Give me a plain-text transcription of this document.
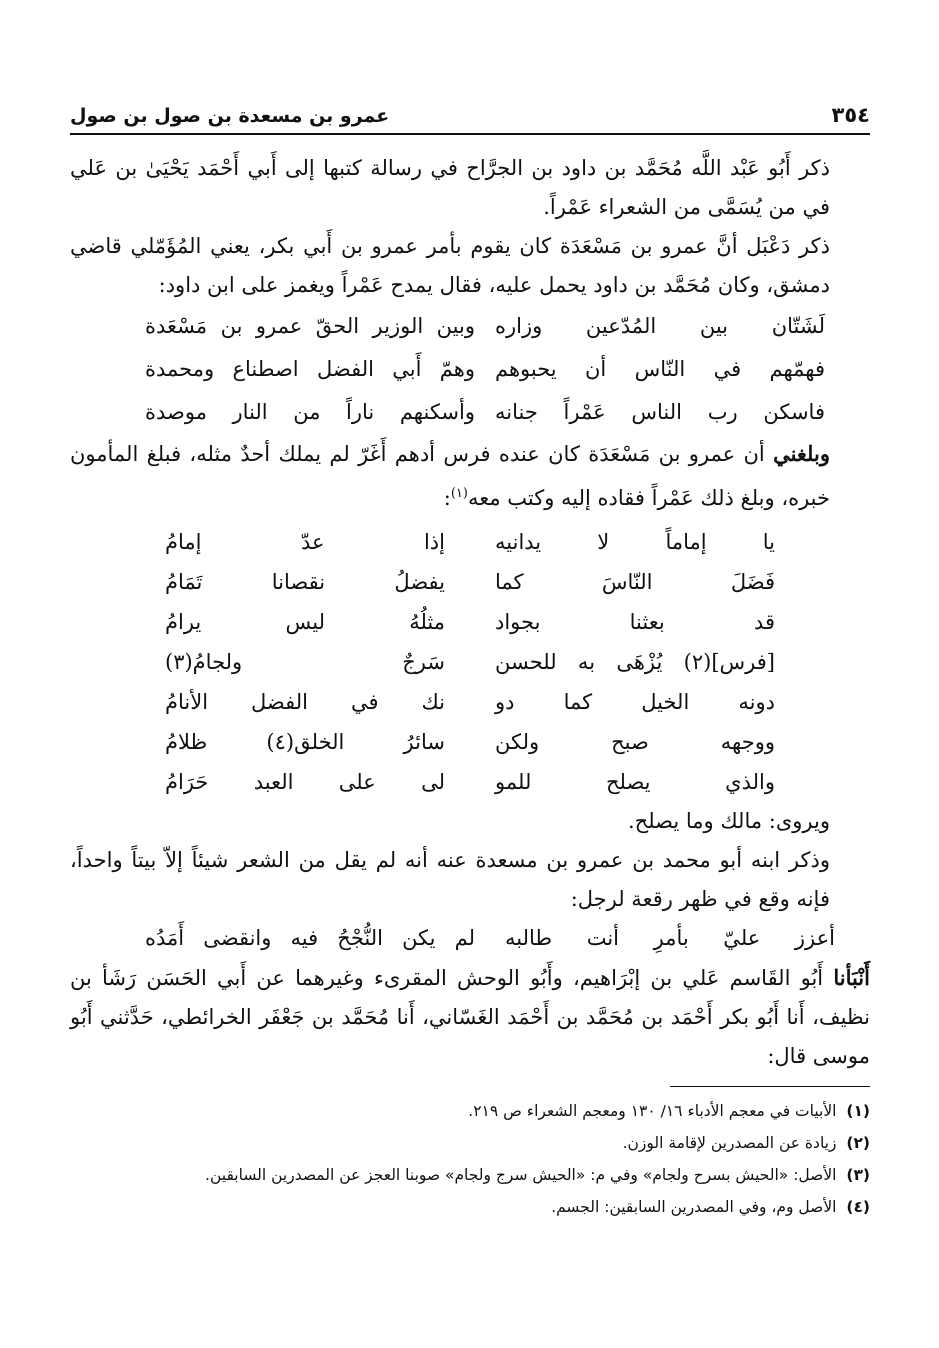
٣٥٤
عمرو بن مسعدة بن صول بن صول

ذكر أَبُو عَبْد اللَّه مُحَمَّد بن داود بن الجرَّاح في رسالة كتبها إلى أَبي أَحْمَد يَحْيَىٰ بن عَلي في من يُسَمَّى من الشعراء عَمْراً.

ذكر دَعْبَل أنَّ عمرو بن مَسْعَدَة كان يقوم بأمر عمرو بن أَبي بكر، يعني المُؤَمّلي قاضي دمشق، وكان مُحَمَّد بن داود يحمل عليه، فقال يمدح عَمْراً ويغمز على ابن داود:

لَشَتّان بين المُدّعين وزاره
وبين الوزير الحقّ عمرو بن مَسْعَدة
فهمّهم في النّاس أن يحبوهم
وهمّ أَبي الفضل اصطناع ومحمدة
فاسكن رب الناس عَمْراً جنانه
وأسكنهم ناراً من النار موصدة

وبلغني أن عمرو بن مَسْعَدَة كان عنده فرس أدهم أَغَرّ لم يملك أحدٌ مثله، فبلغ المأمون خبره، وبلغ ذلك عَمْراً فقاده إليه وكتب معه$^{(١)}$:

يا إماماً لا يدانيه
إذا عدّ إمامُ
فَضَلَ النّاسَ كما
يفضلُ نقصانا تَمَامُ
قد بعثنا بجواد
مثلُهُ ليس يرامُ
[فرس](٢) يُزْهَى به للحسن
سَرجٌ ولجامُ(٣)
دونه الخيل كما دو
نك في الفضل الأنامُ
ووجهه صبح ولكن
سائرُ الخلق(٤) ظلامُ
والذي يصلح للمو
لى على العبد حَرَامُ

ويروى: مالك وما يصلح.

وذكر ابنه أبو محمد بن عمرو بن مسعدة عنه أنه لم يقل من الشعر شيئاً إلاّ بيتاً واحداً، فإنه وقع في ظهر رقعة لرجل:

أعزز عليّ بأمرِ أنت طالبه
لم يكن النُّجْحُ فيه وانقضى أَمَدُه

أَنْبَأنا أَبُو القَاسم عَلي بن إبْرَاهيم، وأَبُو الوحش المقرىء وغيرهما عن أَبي الحَسَن رَشَأ بن نظيف، أَنا أَبُو بكر أَحْمَد بن مُحَمَّد بن أَحْمَد الغَسّاني، أَنا مُحَمَّد بن جَعْفَر الخرائطي، حَدَّثني أَبُو موسى قال:

(١)  الأبيات في معجم الأدباء ١٦/ ١٣٠ ومعجم الشعراء ص ٢١٩.
(٢)  زيادة عن المصدرين لإقامة الوزن.
(٣)  الأصل: «الحيش بسرح ولجام» وفي م: «الحيش سرج ولجام» صوبنا العجز عن المصدرين السابقين.
(٤)  الأصل وم، وفي المصدرين السابقين: الجسم.
